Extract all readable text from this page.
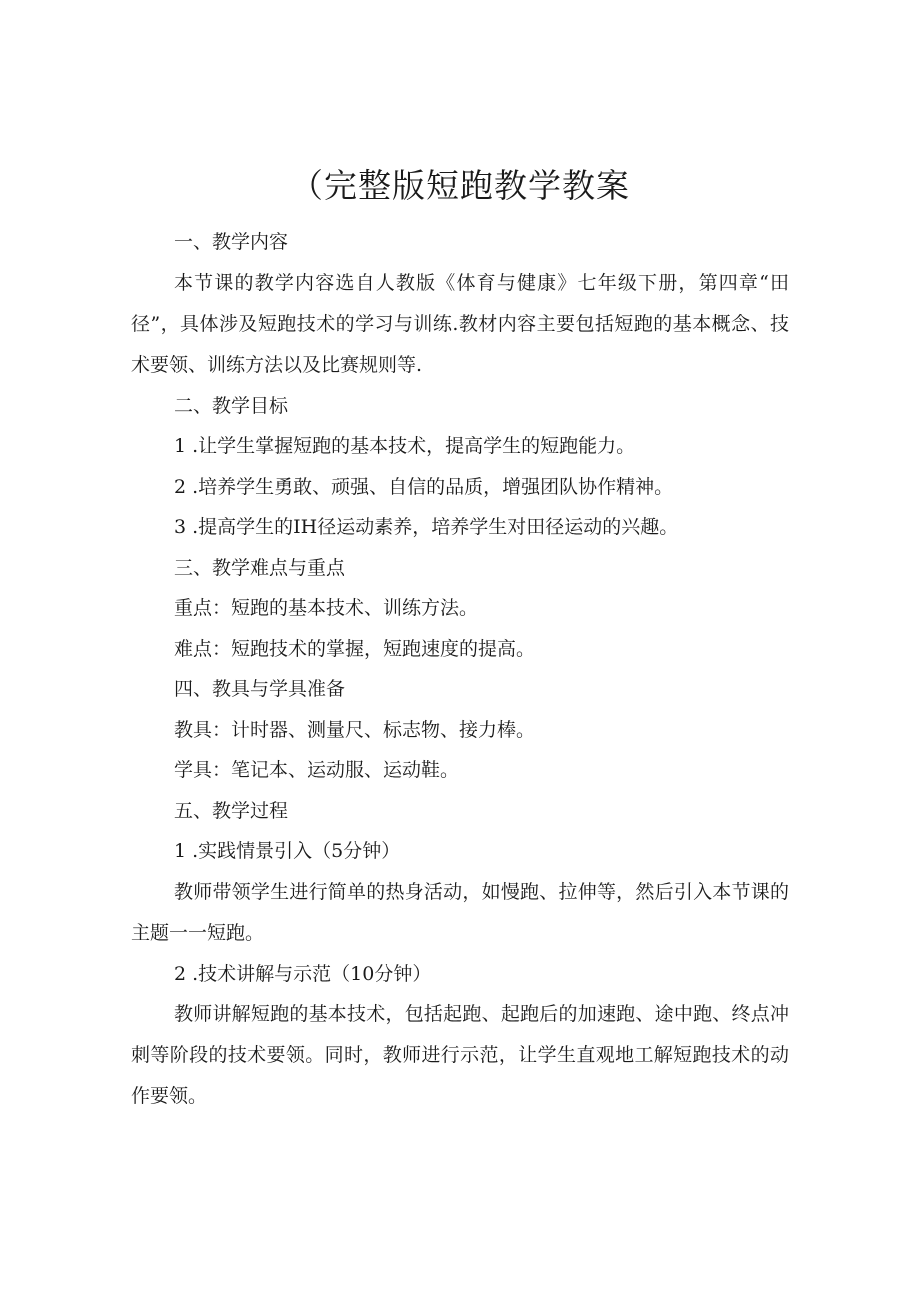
（完整版短跑教学教案

一、教学内容

本节课的教学内容选自人教版《体育与健康》七年级下册，第四章“田径”，具体涉及短跑技术的学习与训练.教材内容主要包括短跑的基本概念、技术要领、训练方法以及比赛规则等.

二、教学目标

1 .让学生掌握短跑的基本技术，提高学生的短跑能力。

2 .培养学生勇敢、顽强、自信的品质，增强团队协作精神。

3 .提高学生的IH径运动素养，培养学生对田径运动的兴趣。

三、教学难点与重点

重点：短跑的基本技术、训练方法。

难点：短跑技术的掌握，短跑速度的提高。

四、教具与学具准备

教具：计时器、测量尺、标志物、接力棒。

学具：笔记本、运动服、运动鞋。

五、教学过程

1 .实践情景引入（5分钟）

教师带领学生进行简单的热身活动，如慢跑、拉伸等，然后引入本节课的主题一一短跑。

2 .技术讲解与示范（10分钟）

教师讲解短跑的基本技术，包括起跑、起跑后的加速跑、途中跑、终点冲刺等阶段的技术要领。同时，教师进行示范，让学生直观地工解短跑技术的动作要领。
